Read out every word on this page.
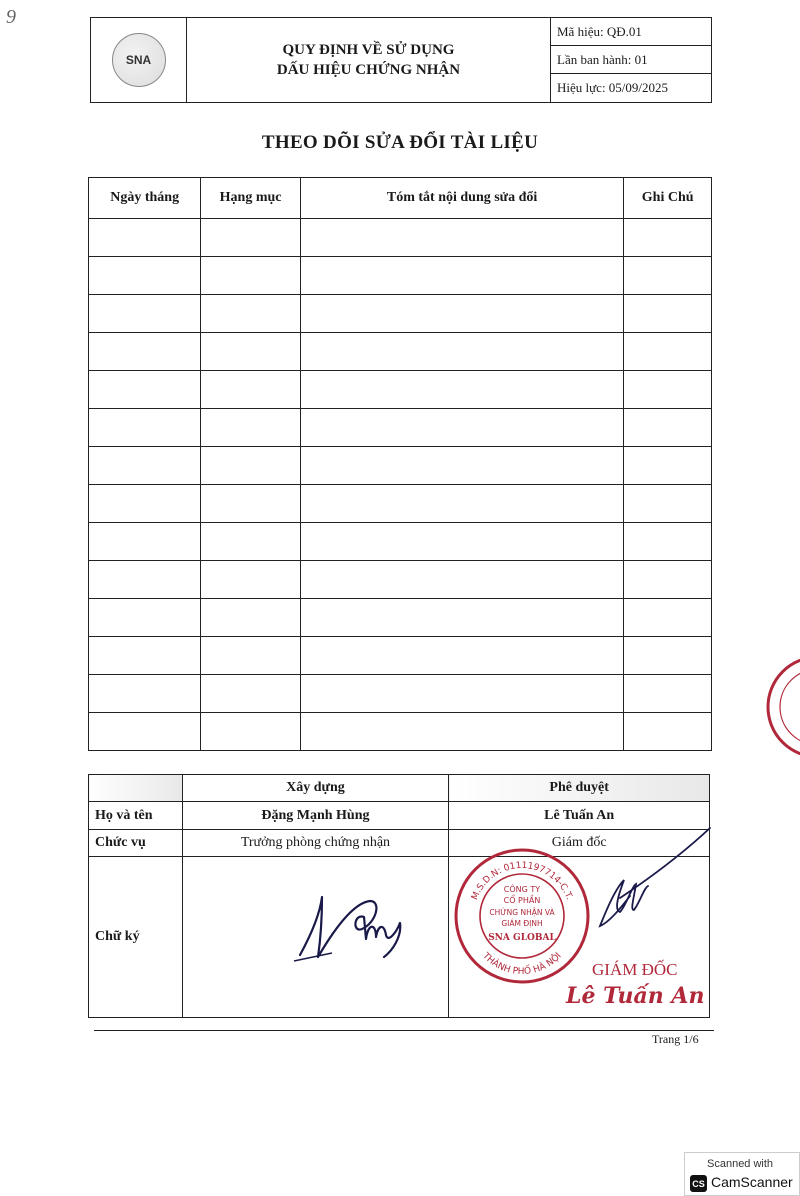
9
SNA
QUY ĐỊNH VỀ SỬ DỤNG
DẤU HIỆU CHỨNG NHẬN
Mã hiệu: QĐ.01
Lần ban hành: 01
Hiệu lực: 05/09/2025
THEO DÕI SỬA ĐỔI TÀI LIỆU
Ngày tháng	Hạng mục	Tóm tắt nội dung sửa đổi	Ghi Chú

	Xây dựng	Phê duyệt
Họ và tên	Đặng Mạnh Hùng	Lê Tuấn An
Chức vụ	Trưởng phòng chứng nhận	Giám đốc
Chữ ký		
M.S.D.N: 0111197714-C.T.
THÀNH PHỐ HÀ NỘI
CÔNG TY
CỔ PHẦN
CHỨNG NHẬN VÀ
GIÁM ĐỊNH
SNA GLOBAL
GIÁM ĐỐC
Lê Tuấn An
Trang 1/6
Scanned with
CS CamScanner
